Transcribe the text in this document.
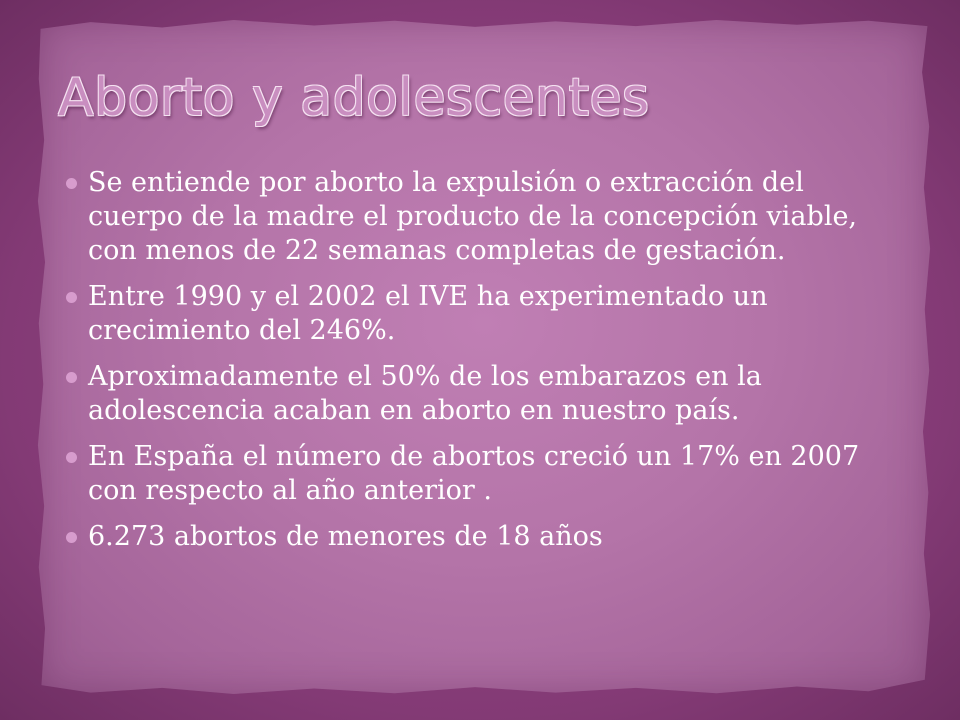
Aborto y adolescentes
Se entiende por aborto la expulsión o extracción del cuerpo de la madre el producto de la concepción viable, con menos de 22 semanas completas de gestación.
Entre 1990 y el 2002 el IVE ha experimentado un crecimiento del 246%.
Aproximadamente el 50% de los embarazos en la adolescencia acaban en aborto en nuestro país.
En España el número de abortos creció un 17% en 2007 con respecto al año anterior .
6.273 abortos de menores de 18 años
